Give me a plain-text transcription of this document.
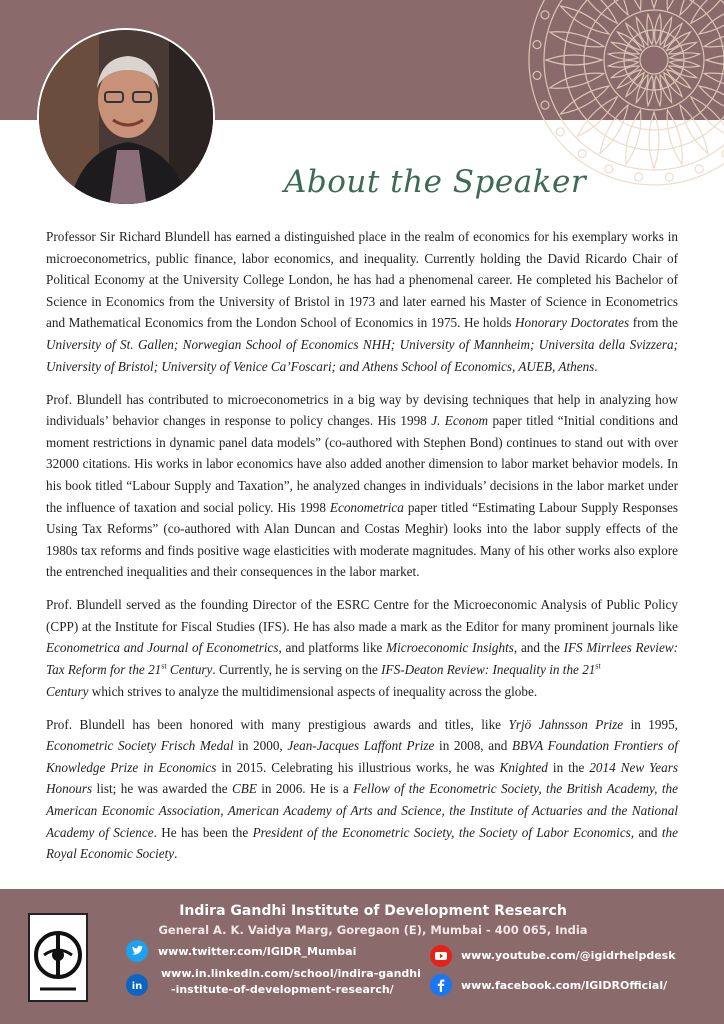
About the Speaker

Professor Sir Richard Blundell has earned a distinguished place in the realm of economics for his exemplary works in microeconometrics, public finance, labor economics, and inequality. Currently holding the David Ricardo Chair of Political Economy at the University College London, he has had a phenomenal career. He completed his Bachelor of Science in Economics from the University of Bristol in 1973 and later earned his Master of Science in Econometrics and Mathematical Economics from the London School of Economics in 1975. He holds Honorary Doctorates from the University of St. Gallen; Norwegian School of Economics NHH; University of Mannheim; Universita della Svizzera; University of Bristol; University of Venice Ca’Foscari; and Athens School of Economics, AUEB, Athens.

Prof. Blundell has contributed to microeconometrics in a big way by devising techniques that help in analyzing how individuals’ behavior changes in response to policy changes. His 1998 J. Econom paper titled “Initial conditions and moment restrictions in dynamic panel data models” (co-authored with Stephen Bond) continues to stand out with over 32000 citations. His works in labor economics have also added another dimension to labor market behavior models. In his book titled “Labour Supply and Taxation”, he analyzed changes in individuals’ decisions in the labor market under the influence of taxation and social policy. His 1998 Econometrica paper titled “Estimating Labour Supply Responses Using Tax Reforms” (co-authored with Alan Duncan and Costas Meghir) looks into the labor supply effects of the 1980s tax reforms and finds positive wage elasticities with moderate magnitudes. Many of his other works also explore the entrenched inequalities and their consequences in the labor market.

Prof. Blundell served as the founding Director of the ESRC Centre for the Microeconomic Analysis of Public Policy (CPP) at the Institute for Fiscal Studies (IFS). He has also made a mark as the Editor for many prominent journals like Econometrica and Journal of Econometrics, and platforms like Microeconomic Insights, and the IFS Mirrlees Review: Tax Reform for the 21st Century. Currently, he is serving on the IFS-Deaton Review: Inequality in the 21st
Century which strives to analyze the multidimensional aspects of inequality across the globe.

Prof. Blundell has been honored with many prestigious awards and titles, like Yrjö Jahnsson Prize in 1995, Econometric Society Frisch Medal in 2000, Jean-Jacques Laffont Prize in 2008, and BBVA Foundation Frontiers of Knowledge Prize in Economics in 2015. Celebrating his illustrious works, he was Knighted in the 2014 New Years Honours list; he was awarded the CBE in 2006. He is a Fellow of the Econometric Society, the British Academy, the American Economic Association, American Academy of Arts and Science, the Institute of Actuaries and the National Academy of Science. He has been the President of the Econometric Society, the Society of Labor Economics, and the Royal Economic Society.

Indira Gandhi Institute of Development Research
General A. K. Vaidya Marg, Goregaon (E), Mumbai - 400 065, India
www.twitter.com/IGIDR_Mumbai
in
www.in.linkedin.com/school/indira-gandhi
-institute-of-development-research/
www.youtube.com/@igidrhelpdesk
www.facebook.com/IGIDROfficial/
